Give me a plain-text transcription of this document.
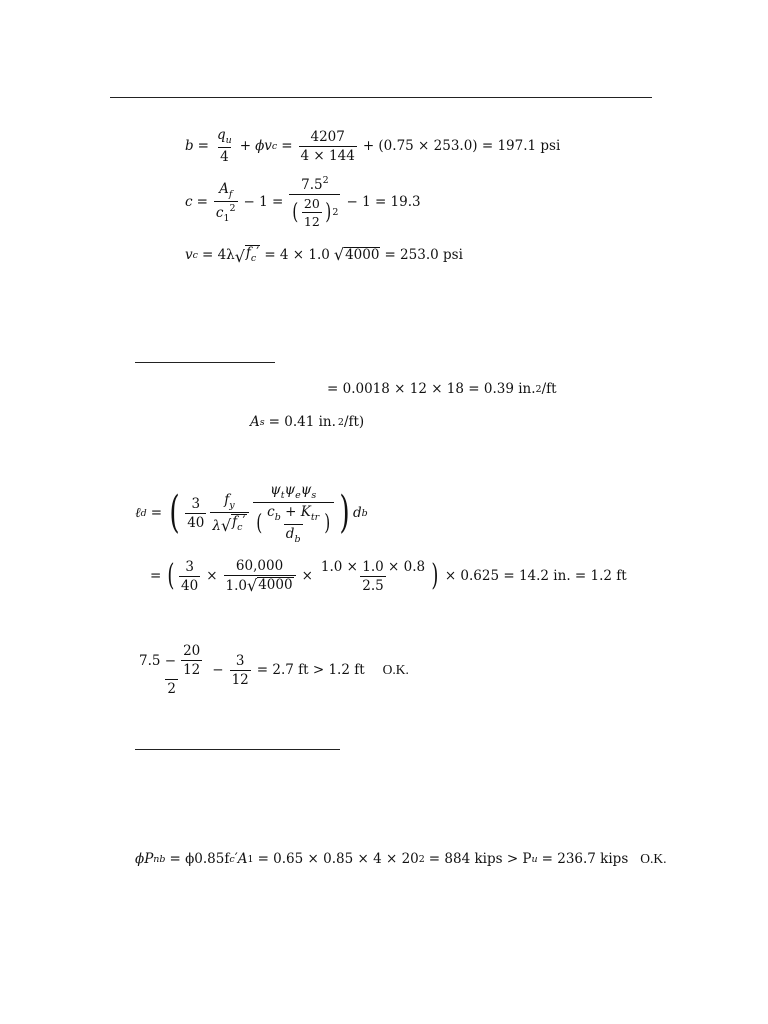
$b = \frac{q_u}{4} + \phi v$ $c = \frac{4207}{4 \times 144} + (0.75 \times 253.0) = 197.1$ psi
$c = \frac{A_f}{c_1^2} - 1 = \frac{7.5^2}{( \frac{20}{12} ) 2} - 1 = 19.3$
v c = 4λ √ $f_c' = 4 \times 1.0$ √ 4000 = 253.0 psi
= 0.0018 × 12 × 18 = 0.39 in. 2 /ft
A s = 0.41 in. 2 /ft)
ℓ d = ( $\frac{3}{40} \frac{f_y}{\lambda √ f_c'}$
$\psi_t\psi_e\psi_s$
( $\frac{c_b + K_{tr}}{d_b}$ ) ) d b
= ( $\frac{3}{40} \times \frac{60,000}{1.0 √ 4000} \times \frac{1.0 \times 1.0 \times 0.8}{2.5}$ ) × 0.625 = 14.2 in. = 1.2 ft
$\frac{7.5 - \frac{20}{12}}{2} - \frac{3}{12} = 2.7$ ft > 1.2 ft O.K.
ϕP nb = ϕ0.85f c ′ A 1 = 0.65 × 0.85 × 4 × 20 2 = 884 kips > P u = 236.7 kips O.K.
